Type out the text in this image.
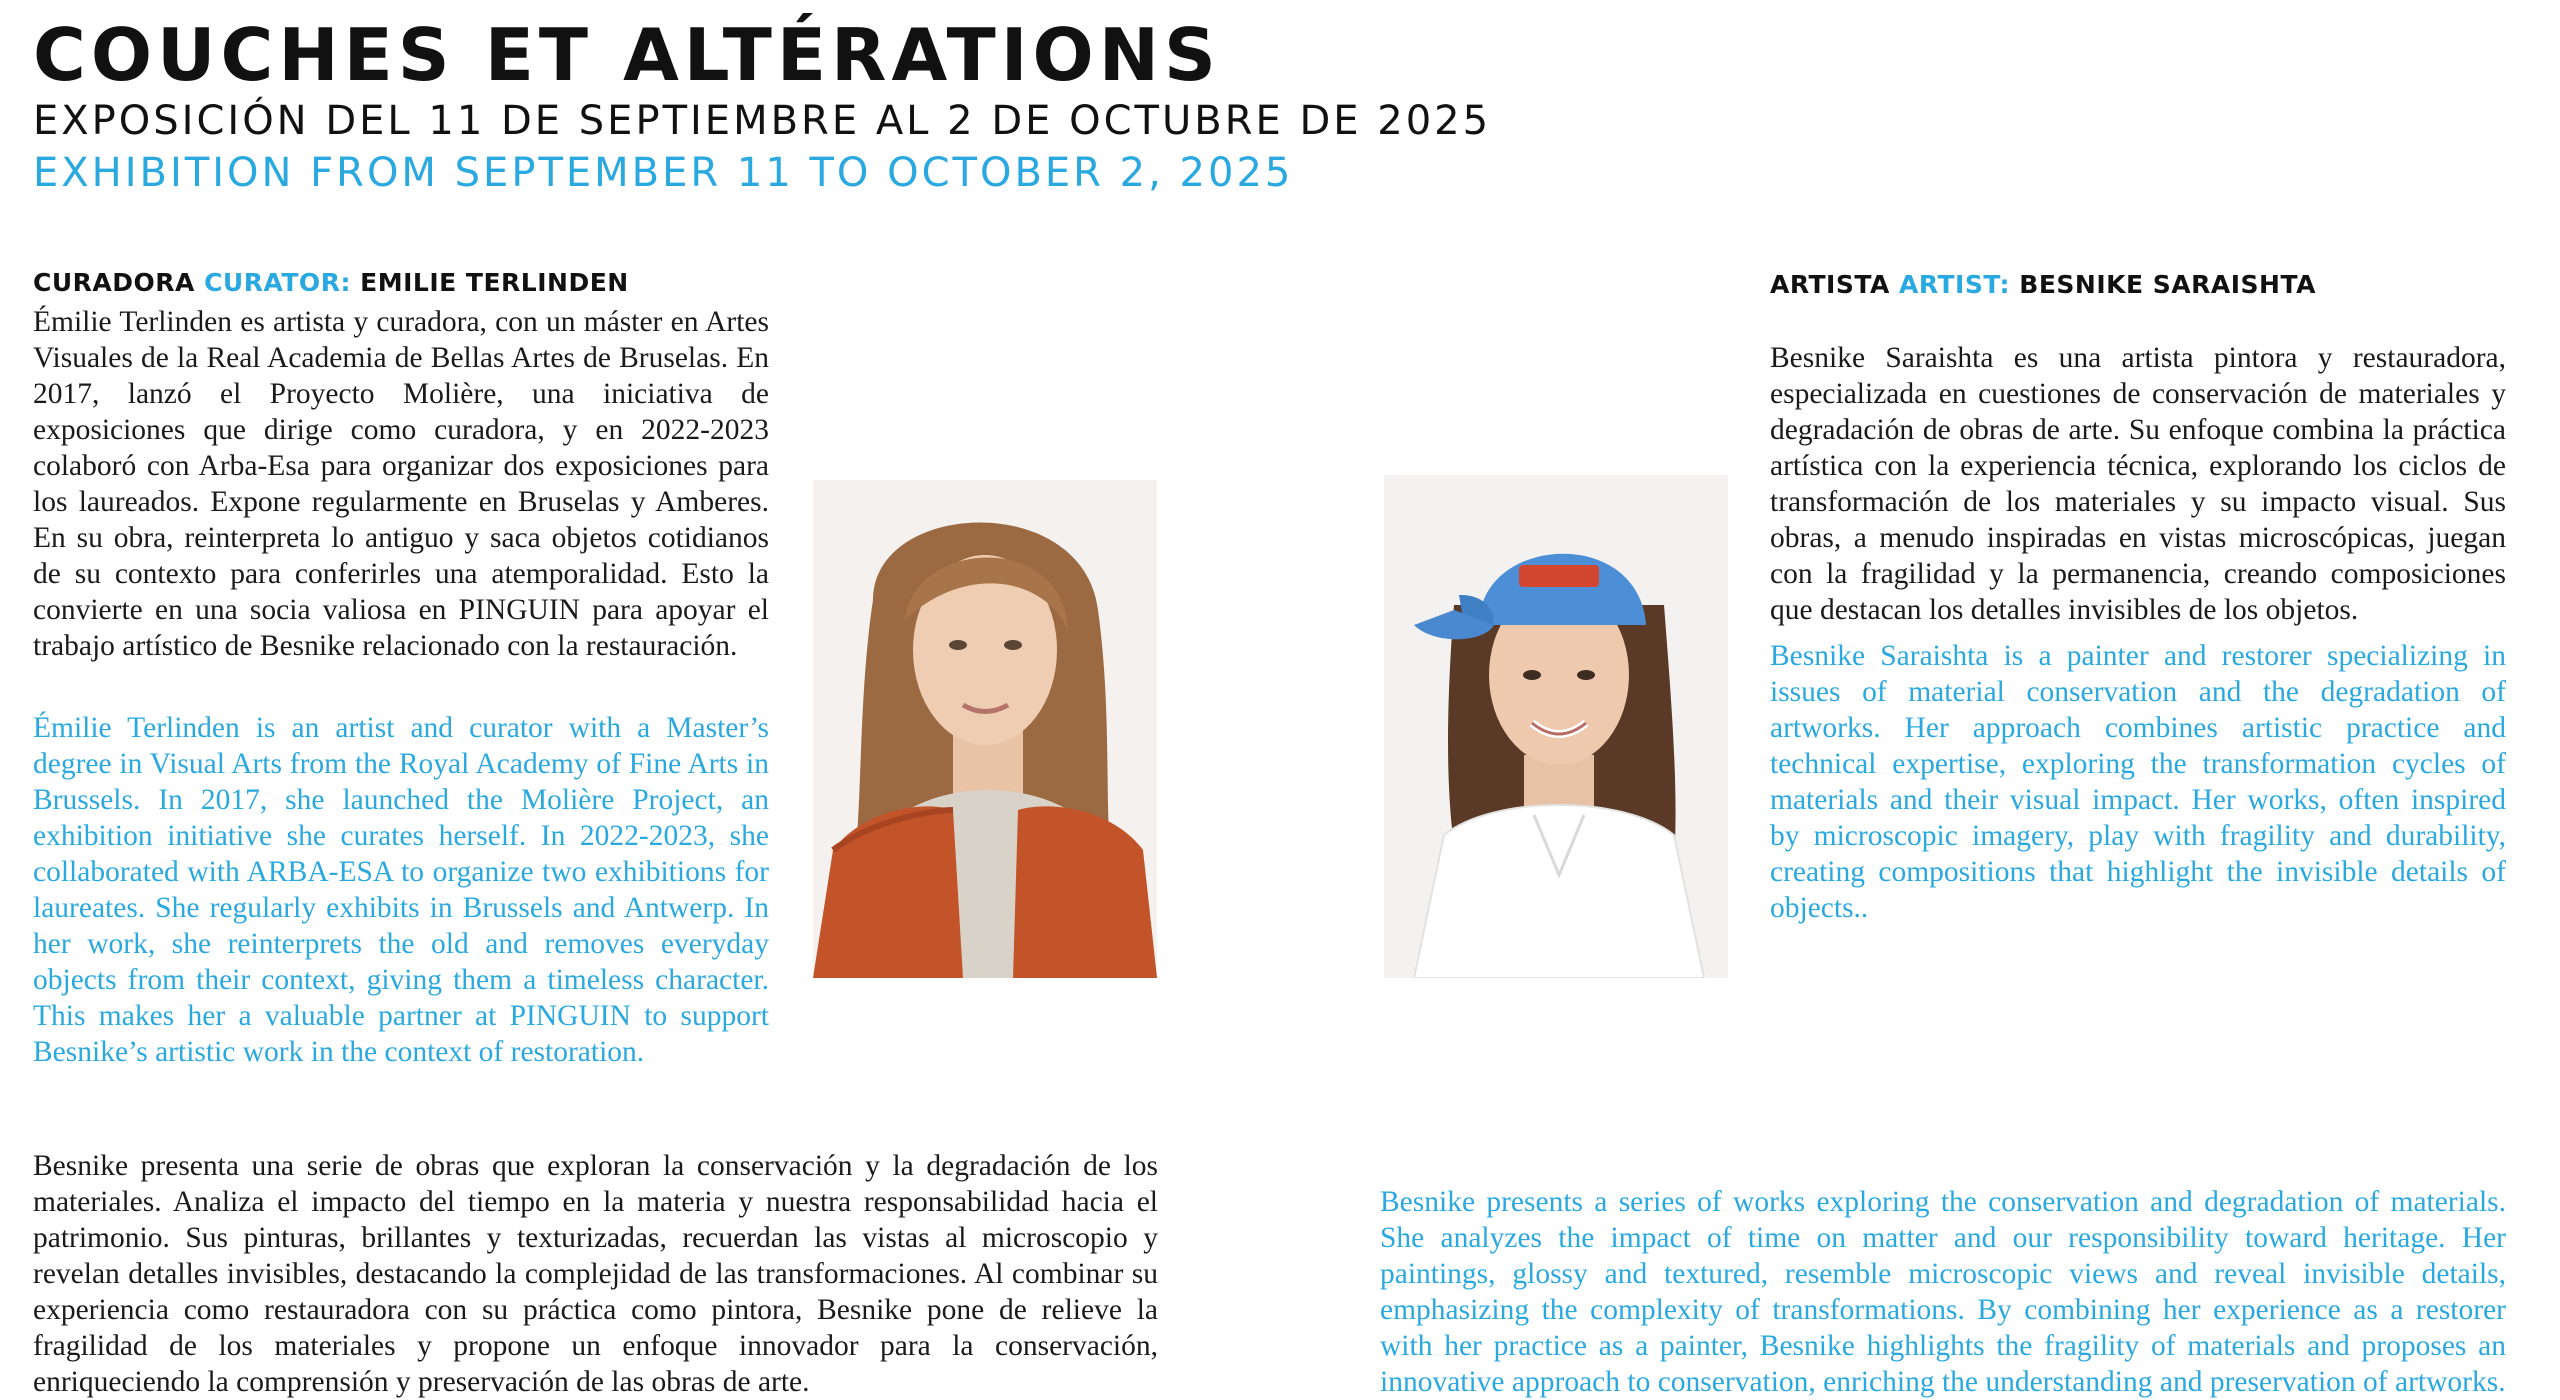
COUCHES ET ALTÉRATIONS
EXPOSICIÓN DEL 11 DE SEPTIEMBRE AL 2 DE OCTUBRE DE 2025
EXHIBITION FROM SEPTEMBER 11 TO OCTOBER 2, 2025
CURADORA CURATOR: EMILIE TERLINDEN

Émilie Terlinden es artista y curadora, con un máster en Artes Visuales de la Real Academia de Bellas Artes de Bruselas. En 2017, lanzó el Proyecto Molière, una iniciativa de exposiciones que dirige como curadora, y en 2022-2023 colaboró con Arba-Esa para organizar dos exposiciones para los laureados. Expone regularmente en Bruselas y Amberes. En su obra, reinterpreta lo antiguo y saca objetos cotidianos de su contexto para conferirles una atemporalidad. Esto la convierte en una socia valiosa en PINGUIN para apoyar el trabajo artístico de Besnike relacionado con la restauración.

Émilie Terlinden is an artist and curator with a Master’s degree in Visual Arts from the Royal Academy of Fine Arts in Brussels. In 2017, she launched the Molière Project, an exhibition initiative she curates herself. In 2022-2023, she collaborated with ARBA-ESA to organize two exhibitions for laureates. She regularly exhibits in Brussels and Antwerp. In her work, she reinterprets the old and removes everyday objects from their context, giving them a timeless character. This makes her a valuable partner at PINGUIN to support Besnike’s artistic work in the context of restoration.

ARTISTA ARTIST: BESNIKE SARAISHTA

Besnike Saraishta es una artista pintora y restauradora, especializada en cuestiones de conservación de materiales y degradación de obras de arte. Su enfoque combina la práctica artística con la experiencia técnica, explorando los ciclos de transformación de los materiales y su impacto visual. Sus obras, a menudo inspiradas en vistas microscópicas, juegan con la fragilidad y la permanencia, creando composiciones que destacan los detalles invisibles de los objetos.

Besnike Saraishta is a painter and restorer specializing in issues of material conservation and the degradation of artworks. Her approach combines artistic practice and technical expertise, exploring the transformation cycles of materials and their visual impact. Her works, often inspired by microscopic imagery, play with fragility and durability, creating compositions that highlight the invisible details of objects..

Besnike presenta una serie de obras que exploran la conservación y la degradación de los materiales. Analiza el impacto del tiempo en la materia y nuestra responsabilidad hacia el patrimonio. Sus pinturas, brillantes y texturizadas, recuerdan las vistas al microscopio y revelan detalles invisibles, destacando la complejidad de las transformaciones. Al combinar su experiencia como restauradora con su práctica como pintora, Besnike pone de relieve la fragilidad de los materiales y propone un enfoque innovador para la conservación, enriqueciendo la comprensión y preservación de las obras de arte.

Besnike presents a series of works exploring the conservation and degradation of materials. She analyzes the impact of time on matter and our responsibility toward heritage. Her paintings, glossy and textured, resemble microscopic views and reveal invisible details, emphasizing the complexity of transformations. By combining her experience as a restorer with her practice as a painter, Besnike highlights the fragility of materials and proposes an innovative approach to conservation, enriching the understanding and preservation of artworks.
